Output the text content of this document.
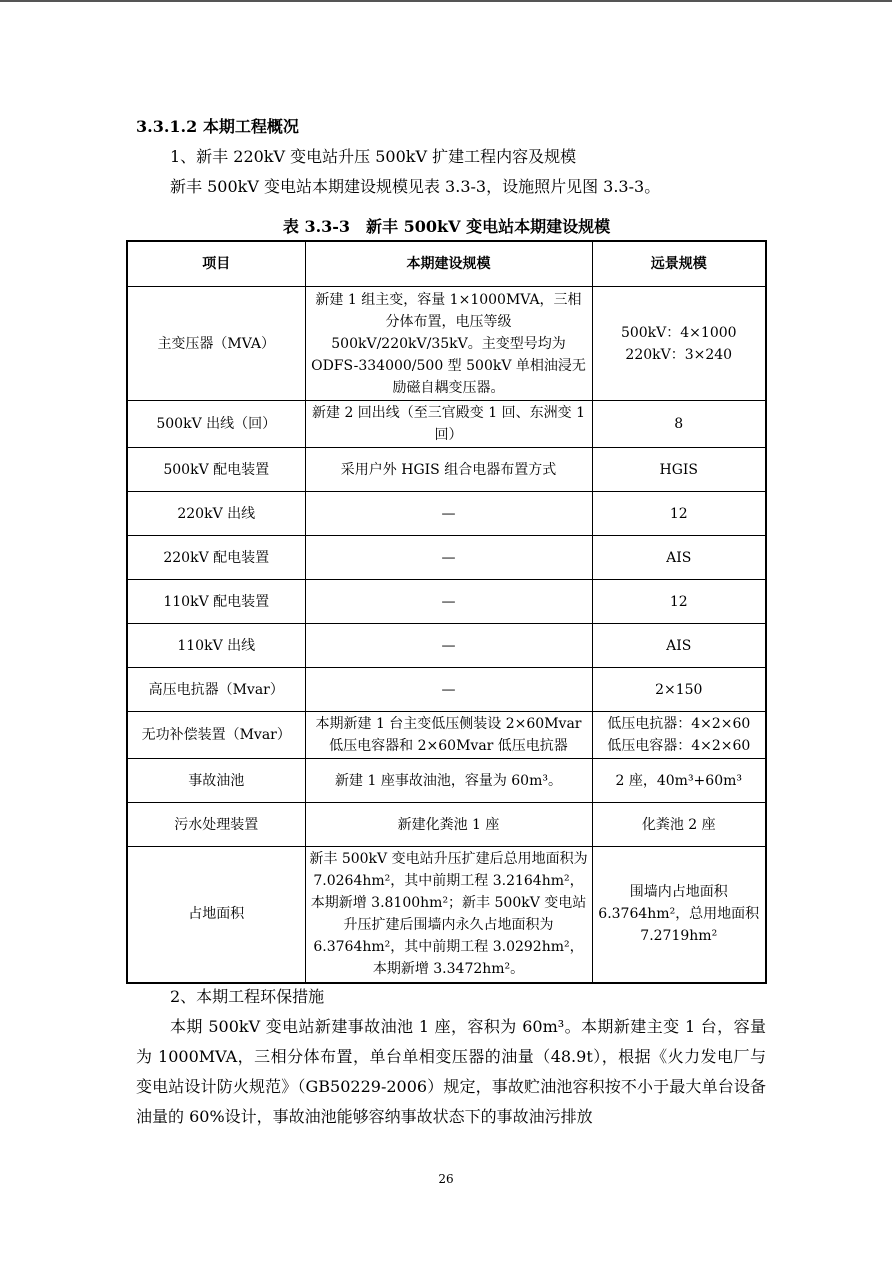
3.3.1.2 本期工程概况
1、新丰 220kV 变电站升压 500kV 扩建工程内容及规模
新丰 500kV 变电站本期建设规模见表 3.3-3，设施照片见图 3.3-3。
表 3.3-3　新丰 500kV 变电站本期建设规模
项目	本期建设规模	远景规模
主变压器（MVA）	新建 1 组主变，容量 1×1000MVA，三相分体布置，电压等级 500kV/220kV/35kV。主变型号均为 ODFS-334000/500 型 500kV 单相油浸无励磁自耦变压器。	500kV：4×1000
220kV：3×240
500kV 出线（回）	新建 2 回出线（至三官殿变 1 回、东洲变 1 回）	8
500kV 配电装置	采用户外 HGIS 组合电器布置方式	HGIS
220kV 出线	—	12
220kV 配电装置	—	AIS
110kV 配电装置	—	12
110kV 出线	—	AIS
高压电抗器（Mvar）	—	2×150
无功补偿装置（Mvar）	本期新建 1 台主变低压侧装设 2×60Mvar 低压电容器和 2×60Mvar 低压电抗器	低压电抗器：4×2×60
低压电容器：4×2×60
事故油池	新建 1 座事故油池，容量为 60m³。	2 座，40m³+60m³
污水处理装置	新建化粪池 1 座	化粪池 2 座
占地面积	新丰 500kV 变电站升压扩建后总用地面积为 7.0264hm²，其中前期工程 3.2164hm²，本期新增 3.8100hm²；新丰 500kV 变电站升压扩建后围墙内永久占地面积为 6.3764hm²，其中前期工程 3.0292hm²，本期新增 3.3472hm²。	围墙内占地面积 6.3764hm²，总用地面积 7.2719hm²
2、本期工程环保措施

本期 500kV 变电站新建事故油池 1 座，容积为 60m³。本期新建主变 1 台，容量为 1000MVA，三相分体布置，单台单相变压器的油量（48.9t），根据《火力发电厂与变电站设计防火规范》（GB50229-2006）规定，事故贮油池容积按不小于最大单台设备油量的 60%设计，事故油池能够容纳事故状态下的事故油污排放

26
